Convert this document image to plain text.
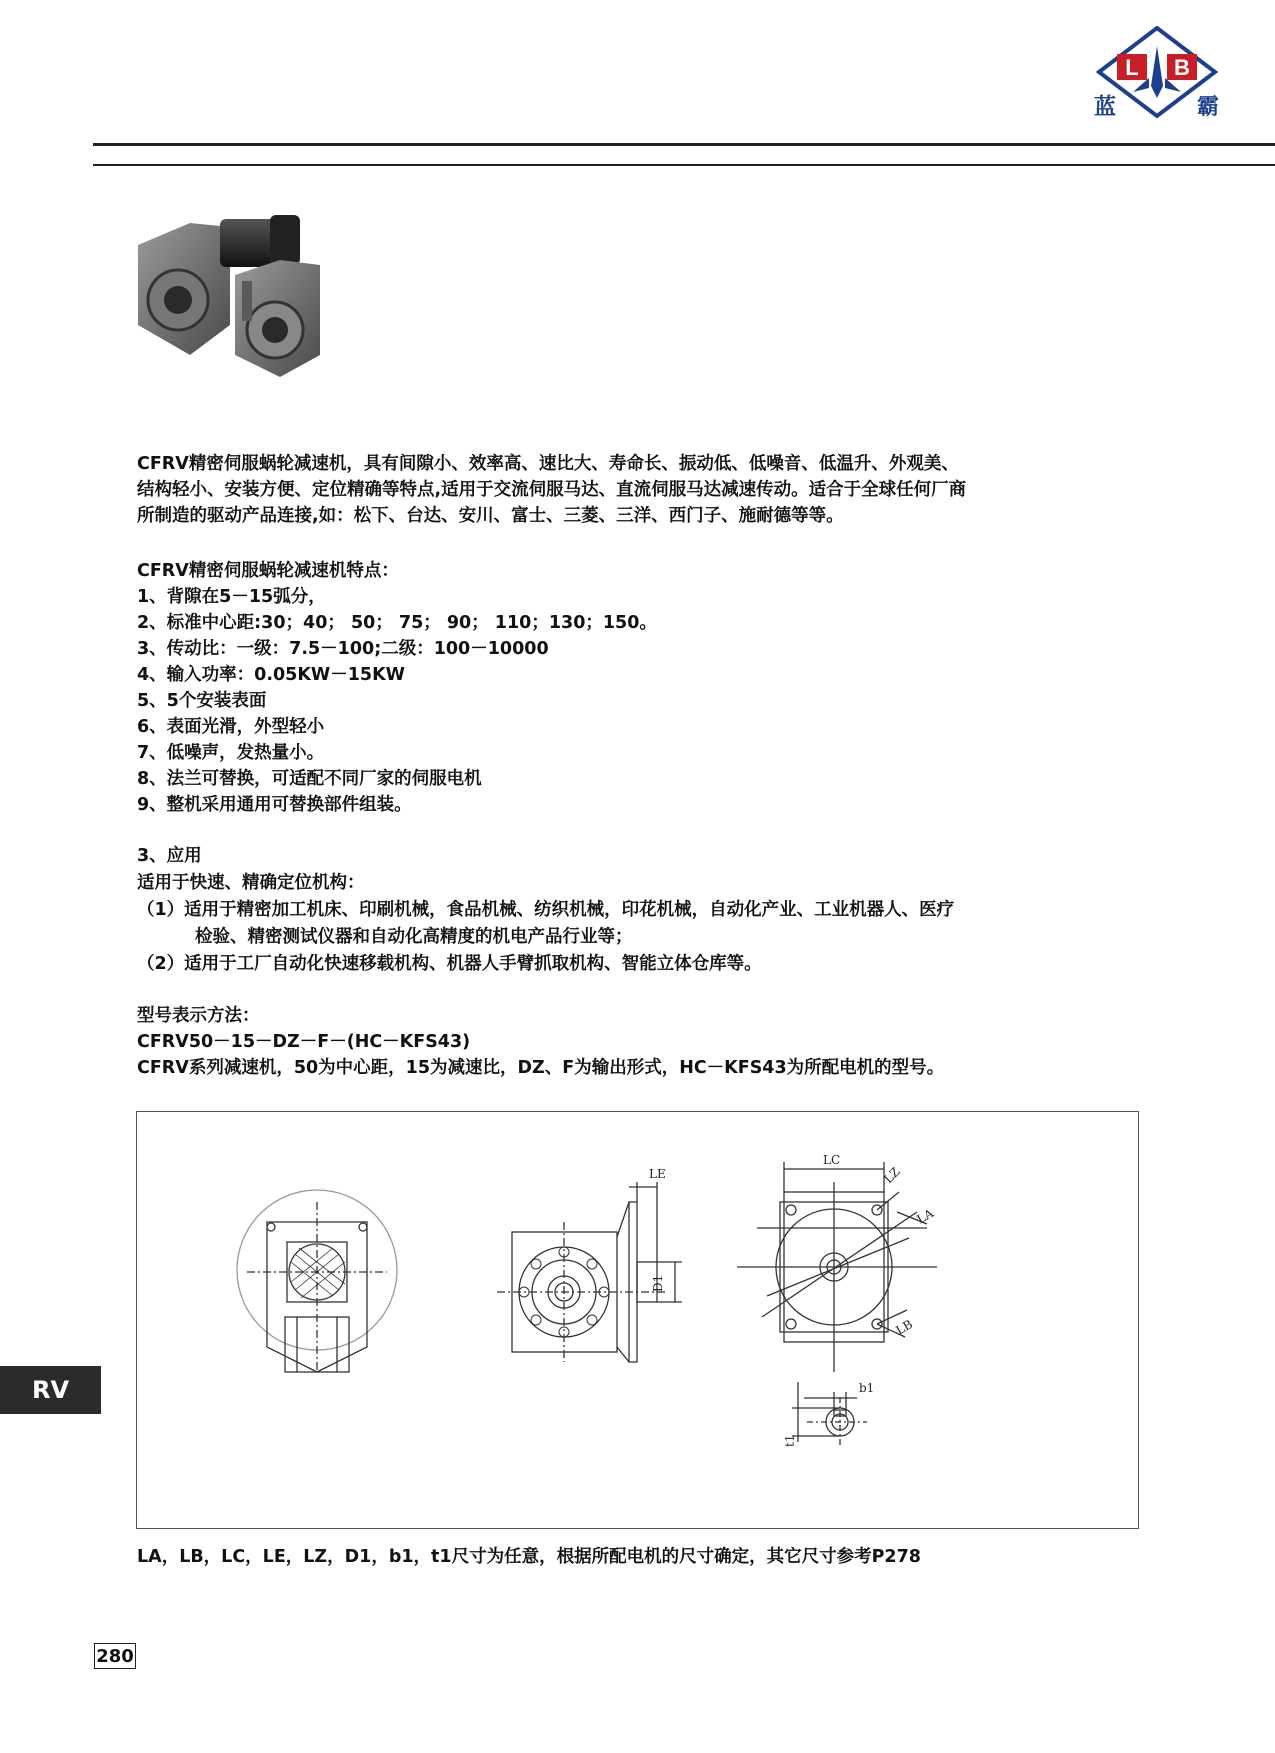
L B
蓝	霸
CFRV精密伺服蜗轮减速机，具有间隙小、效率高、速比大、寿命长、振动低、低噪音、低温升、外观美、
结构轻小、安装方便、定位精确等特点,适用于交流伺服马达、直流伺服马达减速传动。适合于全球任何厂商
所制造的驱动产品连接,如：松下、台达、安川、富士、三菱、三洋、西门子、施耐德等等。
CFRV精密伺服蜗轮减速机特点：
1、背隙在5－15弧分，
2、标准中心距:30；40； 50； 75； 90； 110；130；150。
3、传动比：一级：7.5－100;二级：100－10000
4、输入功率：0.05KW－15KW
5、5个安装表面
6、表面光滑，外型轻小
7、低噪声，发热量小。
8、法兰可替换，可适配不同厂家的伺服电机
9、整机采用通用可替换部件组装。
3、应用
适用于快速、精确定位机构：
（1）适用于精密加工机床、印刷机械，食品机械、纺织机械，印花机械，自动化产业、工业机器人、医疗
检验、精密测试仪器和自动化高精度的机电产品行业等；
（2）适用于工厂自动化快速移载机构、机器人手臂抓取机构、智能立体仓库等。
型号表示方法：
CFRV50－15－DZ－F－(HC－KFS43)
CFRV系列减速机，50为中心距，15为减速比，DZ、F为输出形式，HC－KFS43为所配电机的型号。
LE
D1
LC
LZ
LA
LB
b1
t1
LA，LB，LC，LE，LZ，D1，b1，t1尺寸为任意，根据所配电机的尺寸确定，其它尺寸参考P278
RV
280
